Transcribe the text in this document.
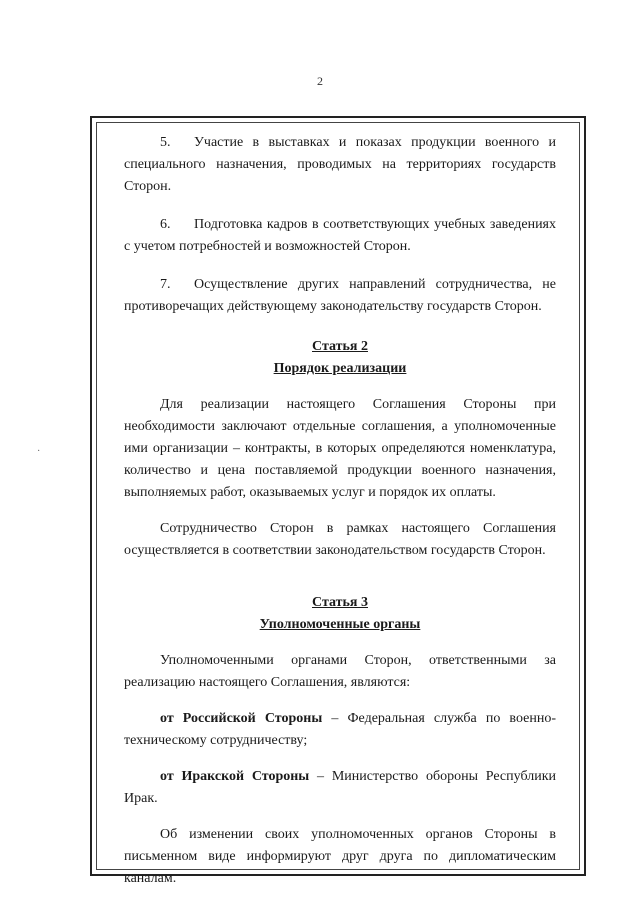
2
·

5. Участие в выставках и показах продукции военного и специального назначения, проводимых на территориях государств Сторон.

6. Подготовка кадров в соответствующих учебных заведениях с учетом потребностей и возможностей Сторон.

7. Осуществление других направлений сотрудничества, не противоречащих действующему законодательству государств Сторон.

Статья 2

Порядок реализации

Для реализации настоящего Соглашения Стороны при необходимости заключают отдельные соглашения, а уполномоченные ими организации – контракты, в которых определяются номенклатура, количество и цена поставляемой продукции военного назначения, выполняемых работ, оказываемых услуг и порядок их оплаты.

Сотрудничество Сторон в рамках настоящего Соглашения осуществляется в соответствии законодательством государств Сторон.

Статья 3

Уполномоченные органы

Уполномоченными органами Сторон, ответственными за реализацию настоящего Соглашения, являются:

от Российской Стороны – Федеральная служба по военно-техническому сотрудничеству;

от Иракской Стороны – Министерство обороны Республики Ирак.

Об изменении своих уполномоченных органов Стороны в письменном виде информируют друг друга по дипломатическим каналам.
